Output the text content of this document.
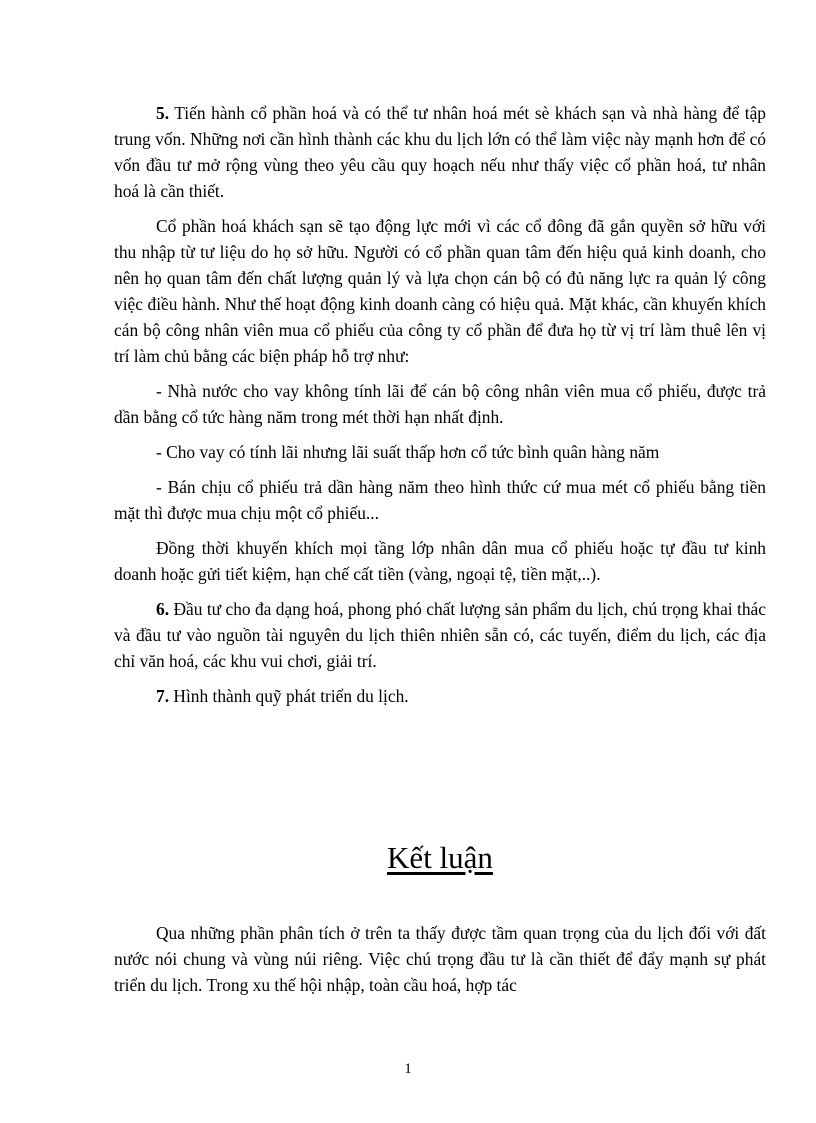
5. Tiến hành cổ phần hoá và có thể tư nhân hoá mét sè khách sạn và nhà hàng để tập trung vốn. Những nơi cần hình thành các khu du lịch lớn có thể làm việc này mạnh hơn để có vốn đầu tư mở rộng vùng theo yêu cầu quy hoạch nếu như thấy việc cổ phần hoá, tư nhân hoá là cần thiết.

Cổ phần hoá khách sạn sẽ tạo động lực mới vì các cổ đông đã gắn quyền sở hữu với thu nhập từ tư liệu do họ sở hữu. Người có cổ phần quan tâm đến hiệu quả kinh doanh, cho nên họ quan tâm đến chất lượng quản lý và lựa chọn cán bộ có đủ năng lực ra quản lý công việc điều hành. Như thế hoạt động kinh doanh càng có hiệu quả. Mặt khác, cần khuyến khích cán bộ công nhân viên mua cổ phiếu của công ty cổ phần để đưa họ từ vị trí làm thuê lên vị trí làm chủ bằng các biện pháp hỗ trợ như:

- Nhà nước cho vay không tính lãi để cán bộ công nhân viên mua cổ phiếu, được trả dần bằng cổ tức hàng năm trong mét thời hạn nhất định.

- Cho vay có tính lãi nhưng lãi suất thấp hơn cổ tức bình quân hàng năm

- Bán chịu cổ phiếu trả dần hàng năm theo hình thức cứ mua mét cổ phiếu bằng tiền mặt thì được mua chịu một cổ phiếu...

Đồng thời khuyến khích mọi tầng lớp nhân dân mua cổ phiếu hoặc tự đầu tư kinh doanh hoặc gửi tiết kiệm, hạn chế cất tiền (vàng, ngoại tệ, tiền mặt,..).

6. Đầu tư cho đa dạng hoá, phong phó chất lượng sản phẩm du lịch, chú trọng khai thác và đầu tư vào nguồn tài nguyên du lịch thiên nhiên sẵn có, các tuyến, điểm du lịch, các địa chỉ văn hoá, các khu vui chơi, giải trí.

7. Hình thành quỹ phát triển du lịch.

Kết luận

Qua những phần phân tích ở trên ta thấy được tầm quan trọng của du lịch đối với đất nước nói chung và vùng núi riêng. Việc chú trọng đầu tư là cần thiết để đẩy mạnh sự phát triển du lịch. Trong xu thế hội nhập, toàn cầu hoá, hợp tác

1
